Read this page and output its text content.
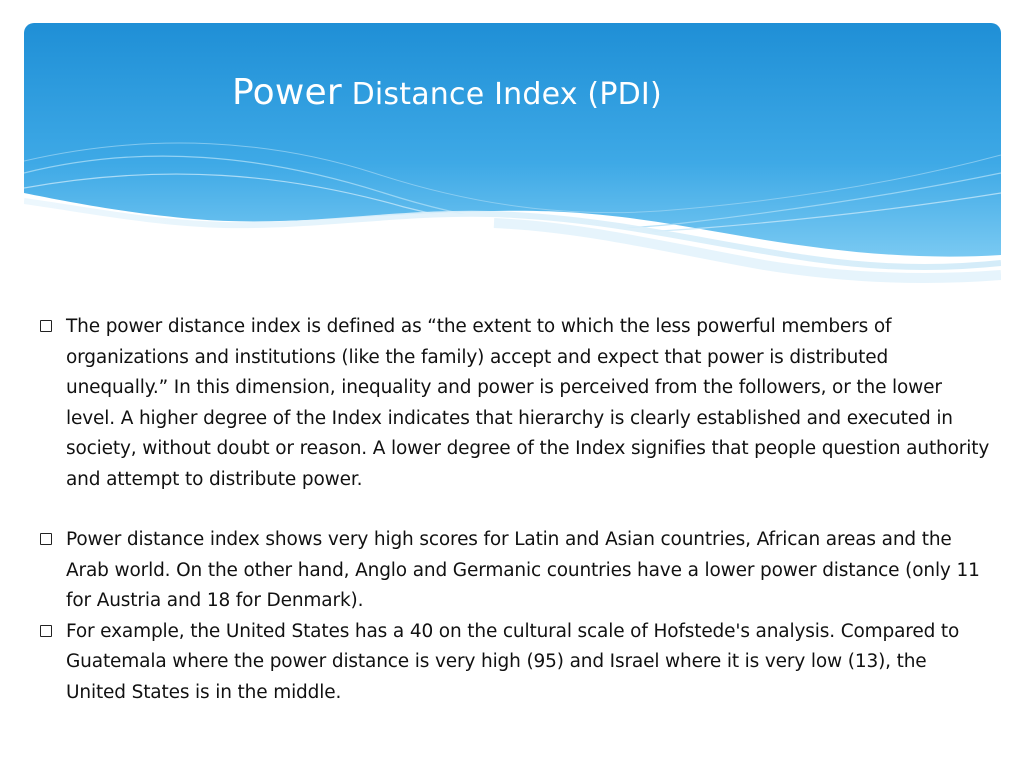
Power Distance Index (PDI)
The power distance index is defined as “the extent to which the less powerful members of organizations and institutions (like the family) accept and expect that power is distributed unequally.” In this dimension, inequality and power is perceived from the followers, or the lower level. A higher degree of the Index indicates that hierarchy is clearly established and executed in society, without doubt or reason. A lower degree of the Index signifies that people question authority and attempt to distribute power.
Power distance index shows very high scores for Latin and Asian countries, African areas and the Arab world. On the other hand, Anglo and Germanic countries have a lower power distance (only 11 for Austria and 18 for Denmark).
For example, the United States has a 40 on the cultural scale of Hofstede's analysis. Compared to Guatemala where the power distance is very high (95) and Israel where it is very low (13), the United States is in the middle.
